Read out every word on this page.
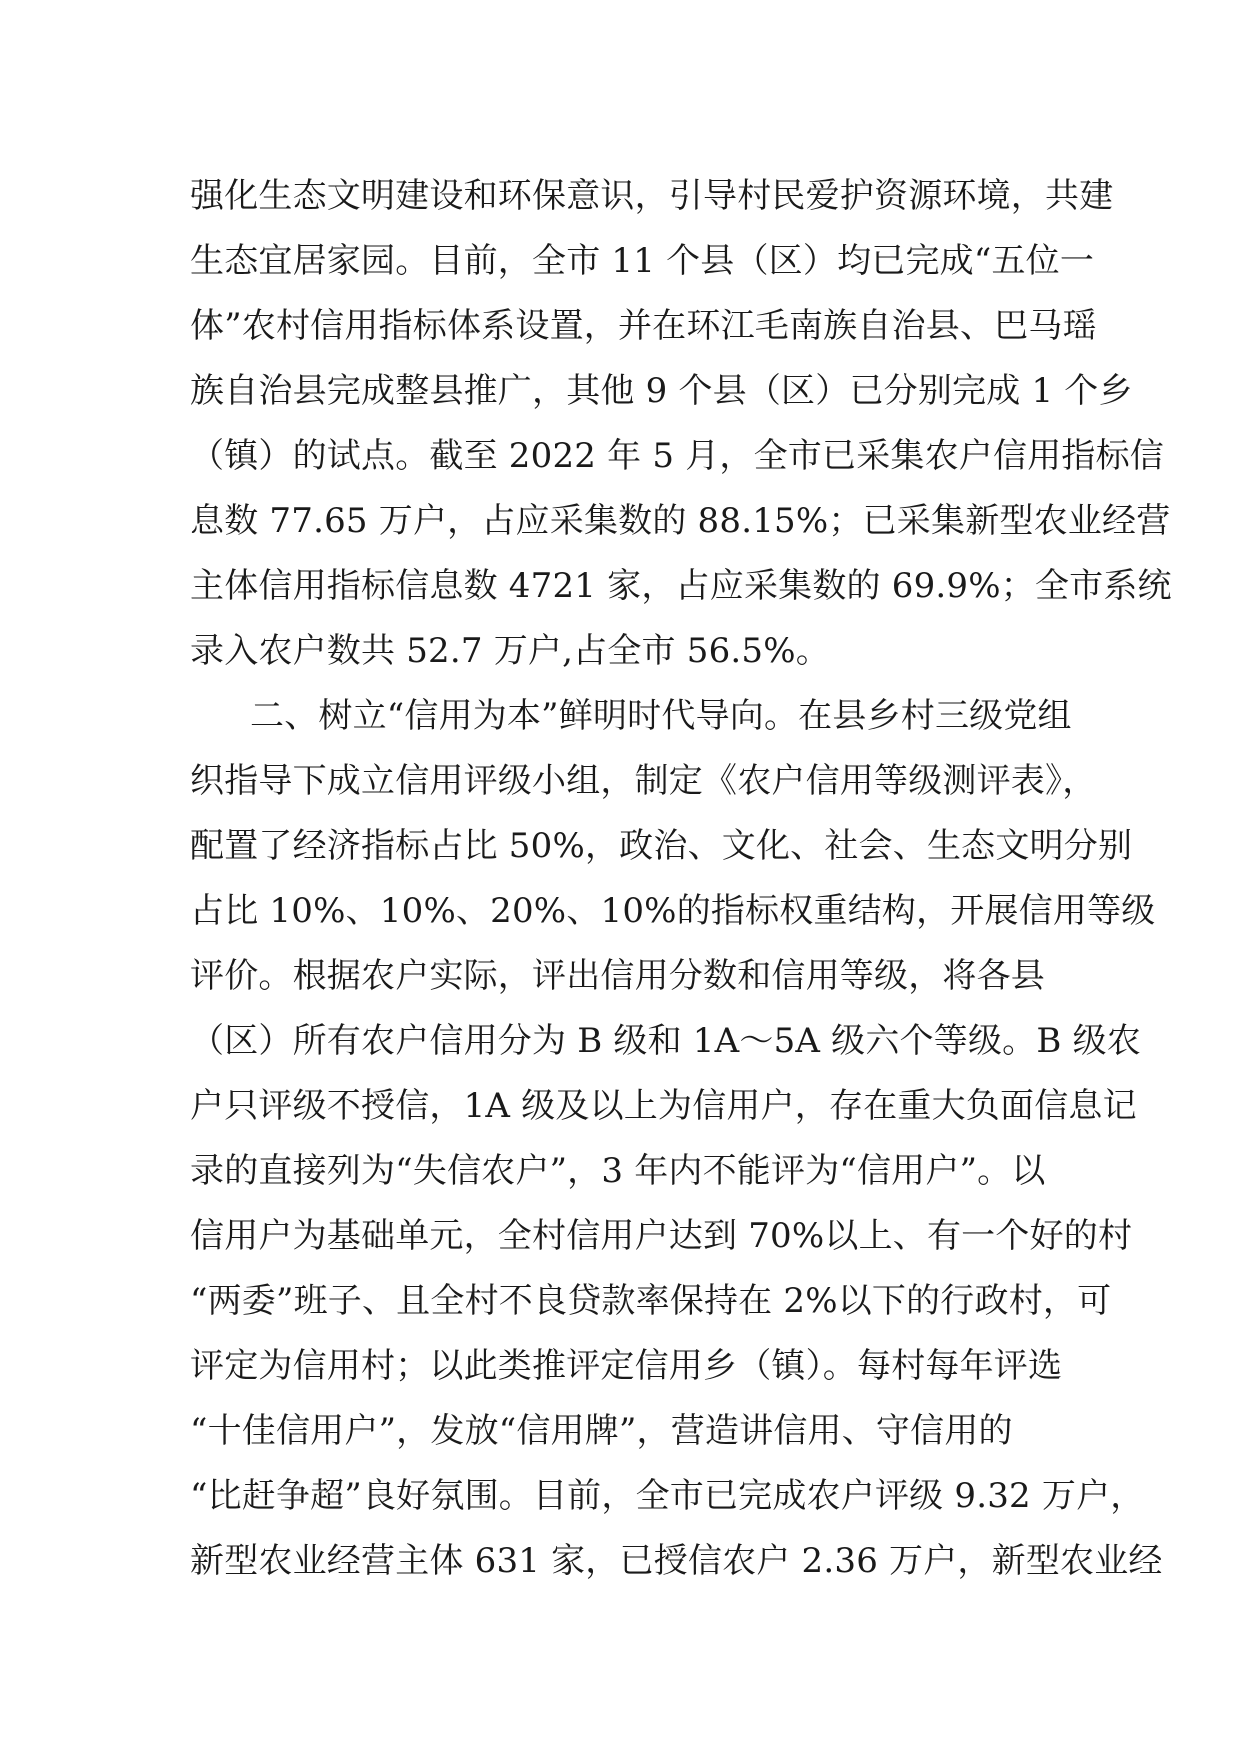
强化生态文明建设和环保意识，引导村民爱护资源环境，共建
生态宜居家园。目前，全市 11 个县（区）均已完成“五位一
体”农村信用指标体系设置，并在环江毛南族自治县、巴马瑶
族自治县完成整县推广，其他 9 个县（区）已分别完成 1 个乡
（镇）的试点。截至 2022 年 5 月，全市已采集农户信用指标信
息数 77.65 万户，占应采集数的 88.15%；已采集新型农业经营
主体信用指标信息数 4721 家，占应采集数的 69.9%；全市系统
录入农户数共 52.7 万户,占全市 56.5%。
二、树立“信用为本”鲜明时代导向。在县乡村三级党组
织指导下成立信用评级小组，制定《农户信用等级测评表》，
配置了经济指标占比 50%，政治、文化、社会、生态文明分别
占比 10%、10%、20%、10%的指标权重结构，开展信用等级
评价。根据农户实际，评出信用分数和信用等级，将各县
（区）所有农户信用分为 B 级和 1A～5A 级六个等级。B 级农
户只评级不授信，1A 级及以上为信用户，存在重大负面信息记
录的直接列为“失信农户”，3 年内不能评为“信用户”。以
信用户为基础单元，全村信用户达到 70%以上、有一个好的村
“两委”班子、且全村不良贷款率保持在 2%以下的行政村，可
评定为信用村；以此类推评定信用乡（镇）。每村每年评选
“十佳信用户”，发放“信用牌”，营造讲信用、守信用的
“比赶争超”良好氛围。目前，全市已完成农户评级 9.32 万户，
新型农业经营主体 631 家，已授信农户 2.36 万户，新型农业经
